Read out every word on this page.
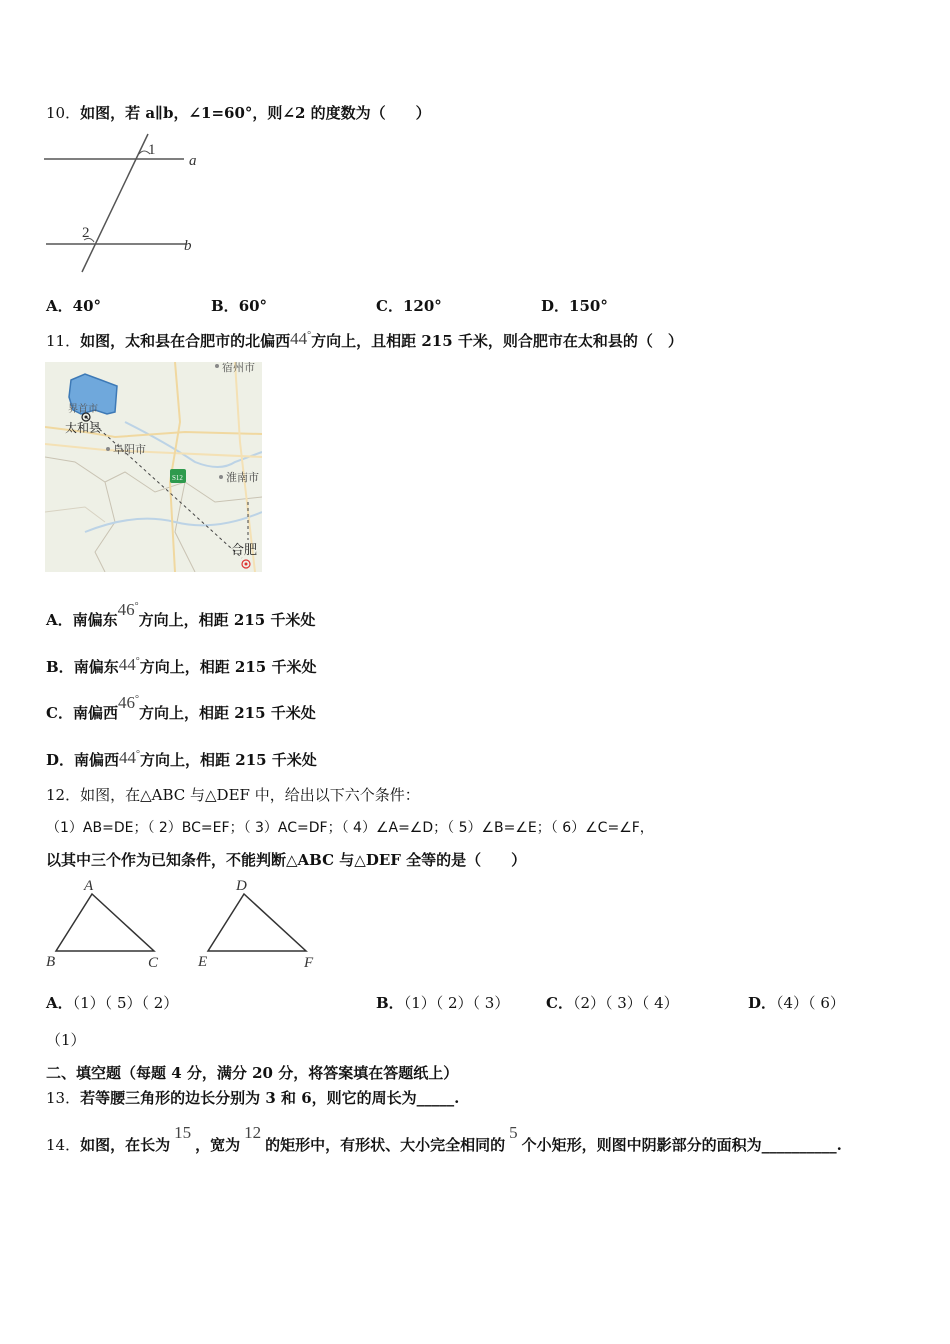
10．如图，若 a∥b，∠1=60°，则∠2 的度数为（　　）
1
2
a
b
A．40°	B．60°	C．120°	D．150°
11．如图，太和县在合肥市的北偏西44°方向上，且相距 215 千米，则合肥市在太和县的（　）
S12
宿州市
界首市
太和县
阜阳市
淮南市
合肥
A．南偏东46°方向上，相距 215 千米处
B．南偏东44°方向上，相距 215 千米处
C．南偏西46°方向上，相距 215 千米处
D．南偏西44°方向上，相距 215 千米处
12．如图，在△ABC 与△DEF 中，给出以下六个条件：
（1）AB=DE；（ 2）BC=EF；（ 3）AC=DF；（ 4）∠A=∠D；（ 5）∠B=∠E；（ 6）∠C=∠F，
以其中三个作为已知条件，不能判断△ABC 与△DEF 全等的是（　　）
A
B	C
D
E	F
A．（1）（ 5）（ 2）	B．（1）（ 2）（ 3） C．（2）（ 3）（ 4）	D．（4）（ 6）
（1）
二、填空题（每题 4 分，满分 20 分，将答案填在答题纸上）
13．若等腰三角形的边长分别为 3 和 6，则它的周长为_____.
14．如图，在长为15，宽为12的矩形中，有形状、大小完全相同的5个小矩形，则图中阴影部分的面积为__________.
